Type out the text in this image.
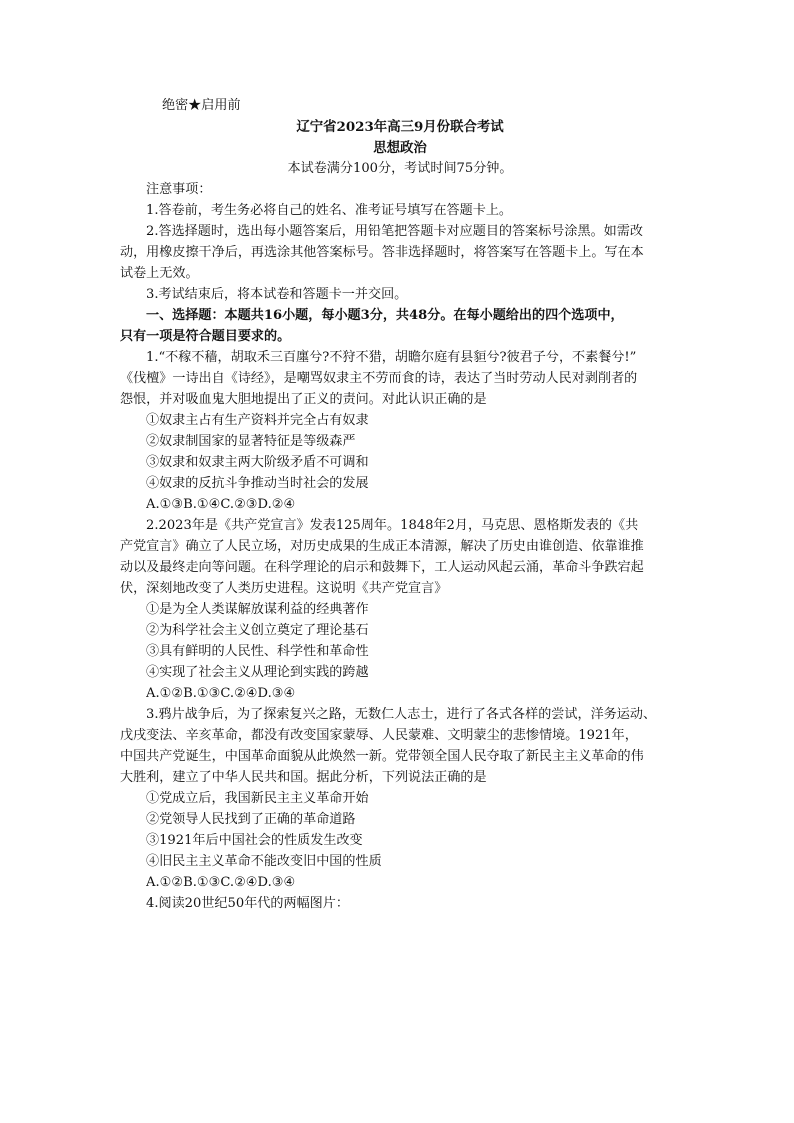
绝密★启用前
辽宁省2023年高三9月份联合考试
思想政治
本试卷满分100分，考试时间75分钟。
注意事项：
1.答卷前，考生务必将自己的姓名、准考证号填写在答题卡上。
2.答选择题时，选出每小题答案后，用铅笔把答题卡对应题目的答案标号涂黑。如需改
动，用橡皮擦干净后，再选涂其他答案标号。答非选择题时，将答案写在答题卡上。写在本
试卷上无效。
3.考试结束后，将本试卷和答题卡一并交回。
一、选择题：本题共16小题，每小题3分，共48分。在每小题给出的四个选项中，
只有一项是符合题目要求的。
1.“不稼不穑，胡取禾三百廛兮?不狩不猎，胡瞻尔庭有县貆兮?彼君子兮，不素餐兮!”
《伐檀》一诗出自《诗经》，是嘲骂奴隶主不劳而食的诗，表达了当时劳动人民对剥削者的
怨恨，并对吸血鬼大胆地提出了正义的责问。对此认识正确的是
①奴隶主占有生产资料并完全占有奴隶
②奴隶制国家的显著特征是等级森严
③奴隶和奴隶主两大阶级矛盾不可调和
④奴隶的反抗斗争推动当时社会的发展
A.①③B.①④C.②③D.②④
2.2023年是《共产党宣言》发表125周年。1848年2月，马克思、恩格斯发表的《共
产党宣言》确立了人民立场，对历史成果的生成正本清源，解决了历史由谁创造、依靠谁推
动以及最终走向等问题。在科学理论的启示和鼓舞下，工人运动风起云涌，革命斗争跌宕起
伏，深刻地改变了人类历史进程。这说明《共产党宣言》
①是为全人类谋解放谋利益的经典著作
②为科学社会主义创立奠定了理论基石
③具有鲜明的人民性、科学性和革命性
④实现了社会主义从理论到实践的跨越
A.①②B.①③C.②④D.③④
3.鸦片战争后，为了探索复兴之路，无数仁人志士，进行了各式各样的尝试，洋务运动、
戊戌变法、辛亥革命，都没有改变国家蒙辱、人民蒙难、文明蒙尘的悲惨情境。1921年，
中国共产党诞生，中国革命面貌从此焕然一新。党带领全国人民夺取了新民主主义革命的伟
大胜利，建立了中华人民共和国。据此分析，下列说法正确的是
①党成立后，我国新民主主义革命开始
②党领导人民找到了正确的革命道路
③1921年后中国社会的性质发生改变
④旧民主主义革命不能改变旧中国的性质
A.①②B.①③C.②④D.③④
4.阅读20世纪50年代的两幅图片：
